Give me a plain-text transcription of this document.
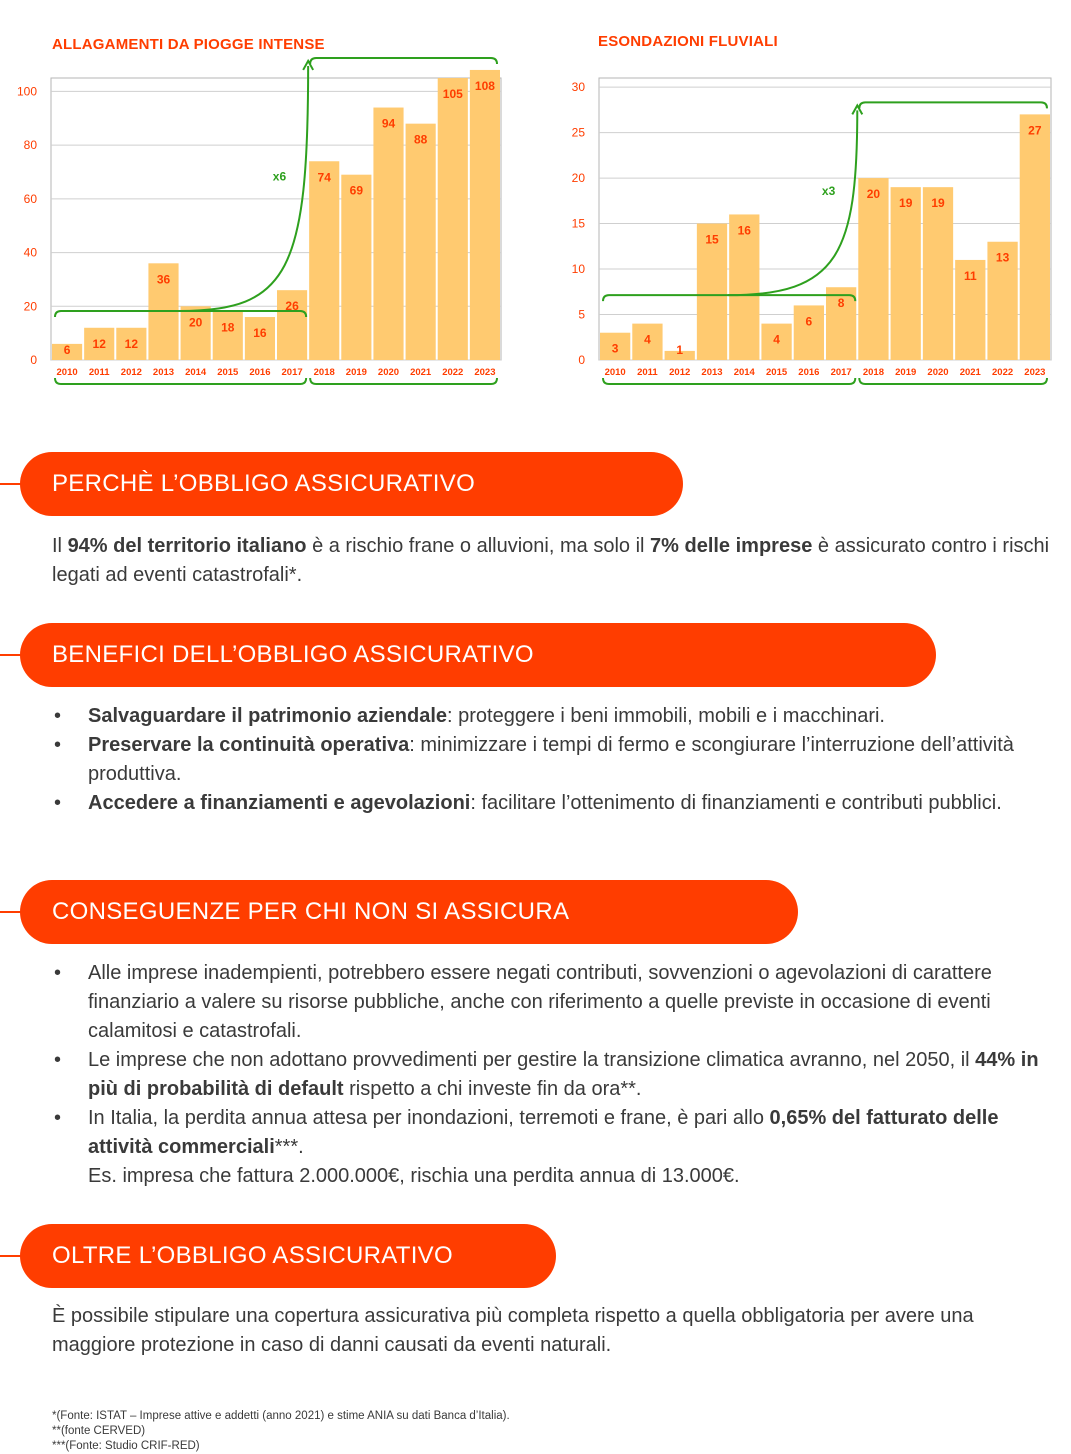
ALLAGAMENTI DA PIOGGE INTENSE
0
20
40
60
80
100
6
2010
12
2011
12
2012
36
2013
20
2014
18
2015
16
2016
26
2017
74
2018
69
2019
94
2020
88
2021
105
2022
108
2023
x6
ESONDAZIONI FLUVIALI
0
5
10
15
20
25
30
3
2010
4
2011
1
2012
15
2013
16
2014
4
2015
6
2016
8
2017
20
2018
19
2019
19
2020
11
2021
13
2022
27
2023
x3
PERCHÈ L’OBBLIGO ASSICURATIVO
Il 94% del territorio italiano è a rischio frane o alluvioni, ma solo il 7% delle imprese è assicurato contro i rischi legati ad eventi catastrofali*.
BENEFICI DELL’OBBLIGO ASSICURATIVO
• Salvaguardare il patrimonio aziendale: proteggere i beni immobili, mobili e i macchinari.
• Preservare la continuità operativa: minimizzare i tempi di fermo e scongiurare l’interruzione dell’attività produttiva.
• Accedere a finanziamenti e agevolazioni: facilitare l’ottenimento di finanziamenti e contributi pubblici.
CONSEGUENZE PER CHI NON SI ASSICURA
• Alle imprese inadempienti, potrebbero essere negati contributi, sovvenzioni o agevolazioni di carattere finanziario a valere su risorse pubbliche, anche con riferimento a quelle previste in occasione di eventi calamitosi e catastrofali.
• Le imprese che non adottano provvedimenti per gestire la transizione climatica avranno, nel 2050, il 44% in più di probabilità di default rispetto a chi investe fin da ora**.
• In Italia, la perdita annua attesa per inondazioni, terremoti e frane, è pari allo 0,65% del fatturato delle attività commerciali***.
Es. impresa che fattura 2.000.000€, rischia una perdita annua di 13.000€.
OLTRE L’OBBLIGO ASSICURATIVO
È possibile stipulare una copertura assicurativa più completa rispetto a quella obbligatoria per avere una maggiore protezione in caso di danni causati da eventi naturali.
*(Fonte: ISTAT – Imprese attive e addetti (anno 2021) e stime ANIA su dati Banca d’Italia).
**(fonte CERVED)
***(Fonte: Studio CRIF-RED)
